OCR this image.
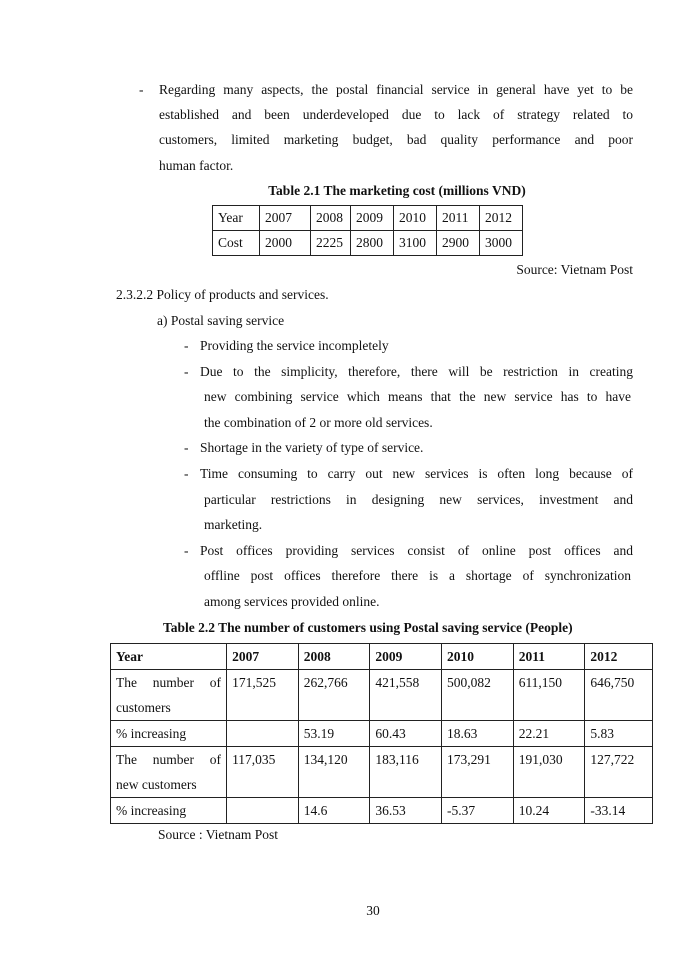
- Regarding many aspects, the postal financial service in general have yet to be
established and been underdeveloped due to lack of strategy related to
customers, limited marketing budget, bad quality performance and poor
human factor.
Table 2.1 The marketing cost (millions VND)
Year	2007	2008	2009	2010	2011	2012
Cost	2000	2225	2800	3100	2900	3000
Source: Vietnam Post
2.3.2.2 Policy of products and services.
a) Postal saving service
- Providing the service incompletely
- Due to the simplicity, therefore, there will be restriction in creating
new combining service which means that the new service has to have
the combination of 2 or more old services.
- Shortage in the variety of type of service.
- Time consuming to carry out new services is often long because of
particular restrictions in designing new services, investment and
marketing.
- Post offices providing services consist of online post offices and
offline post offices therefore there is a shortage of synchronization
among services provided online.
Table 2.2 The number of customers using Postal saving service (People)
Year	2007	2008	2009	2010	2011	2012

The number of
customers	171,525	262,766	421,558	500,082	611,150	646,750
% increasing		53.19	60.43	18.63	22.21	5.83

The number of
new customers	117,035	134,120	183,116	173,291	191,030	127,722
% increasing		14.6	36.53	-5.37	10.24	-33.14
Source : Vietnam Post
30
